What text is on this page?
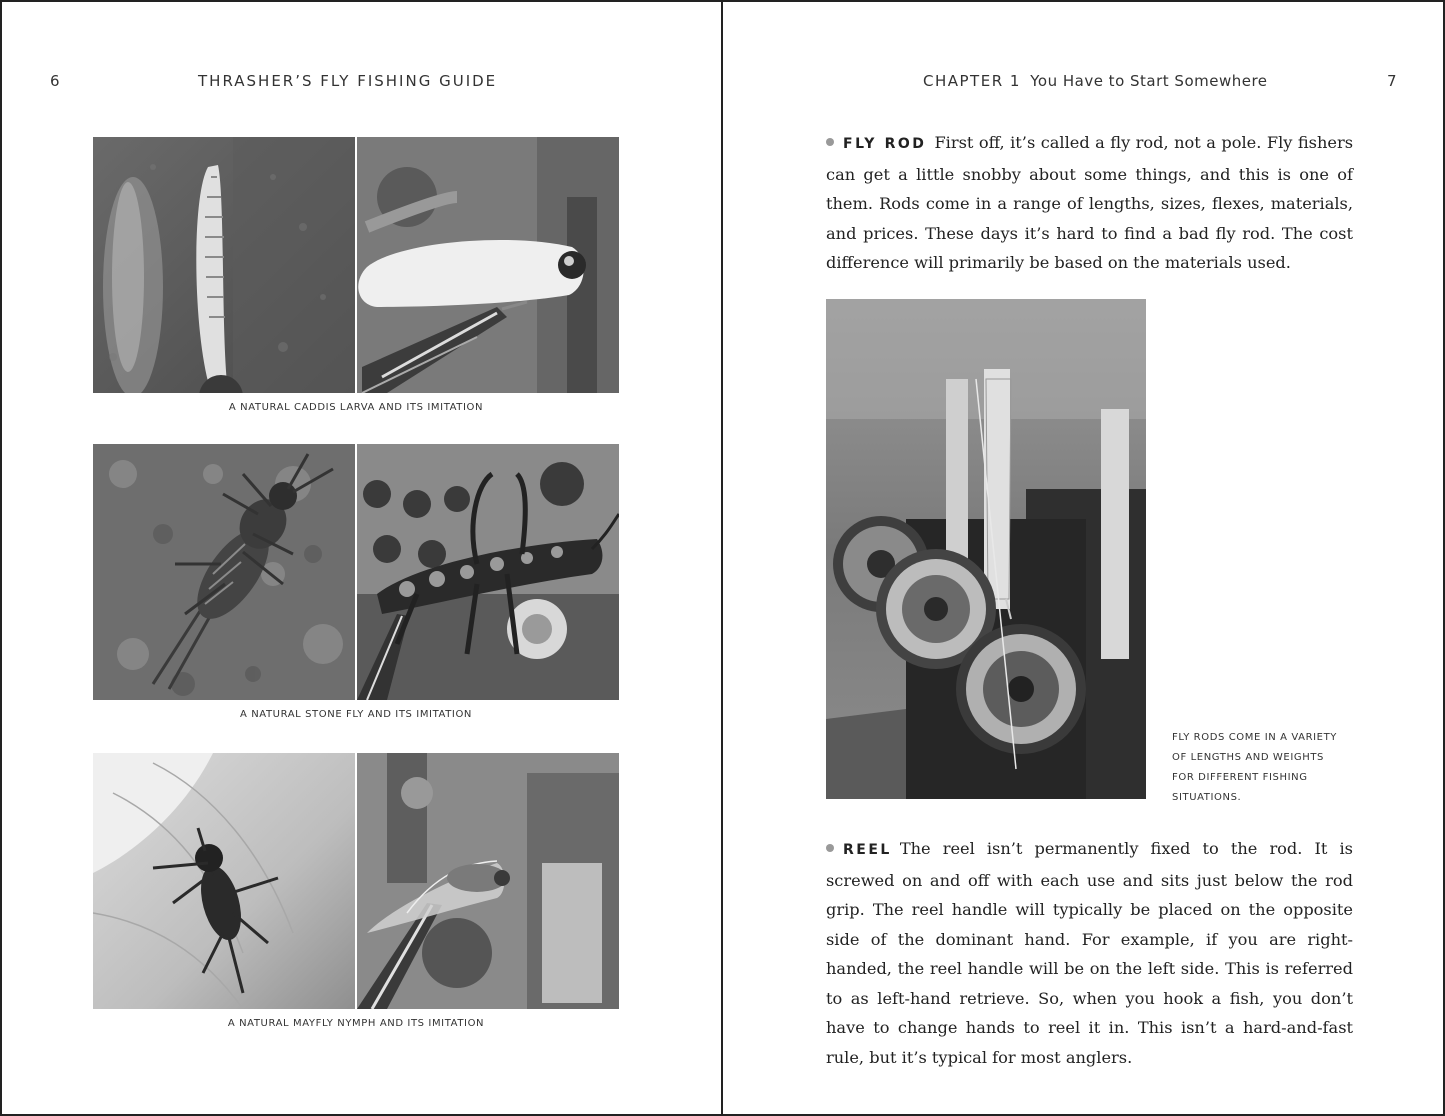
6	THRASHER’S FLY FISHING GUIDE
A NATURAL CADDIS LARVA AND ITS IMITATION
A NATURAL STONE FLY AND ITS IMITATION
A NATURAL MAYFLY NYMPH AND ITS IMITATION
CHAPTER 1 You Have to Start Somewhere	7
FLY ROD First off, it’s called a fly rod, not a pole. Fly fishers can get a little snobby about some things, and this is one of them. Rods come in a range of lengths, sizes, flexes, materials, and prices. These days it’s hard to find a bad fly rod. The cost difference will primarily be based on the materials used.
FLY RODS COME IN A VARIETY
OF LENGTHS AND WEIGHTS
FOR DIFFERENT FISHING
SITUATIONS.
REEL The reel isn’t permanently fixed to the rod. It is screwed on and off with each use and sits just below the rod grip. The reel handle will typically be placed on the opposite side of the dominant hand. For example, if you are right-handed, the reel handle will be on the left side. This is referred to as left-hand retrieve. So, when you hook a fish, you don’t have to change hands to reel it in. This isn’t a hard-and-fast rule, but it’s typical for most anglers.
